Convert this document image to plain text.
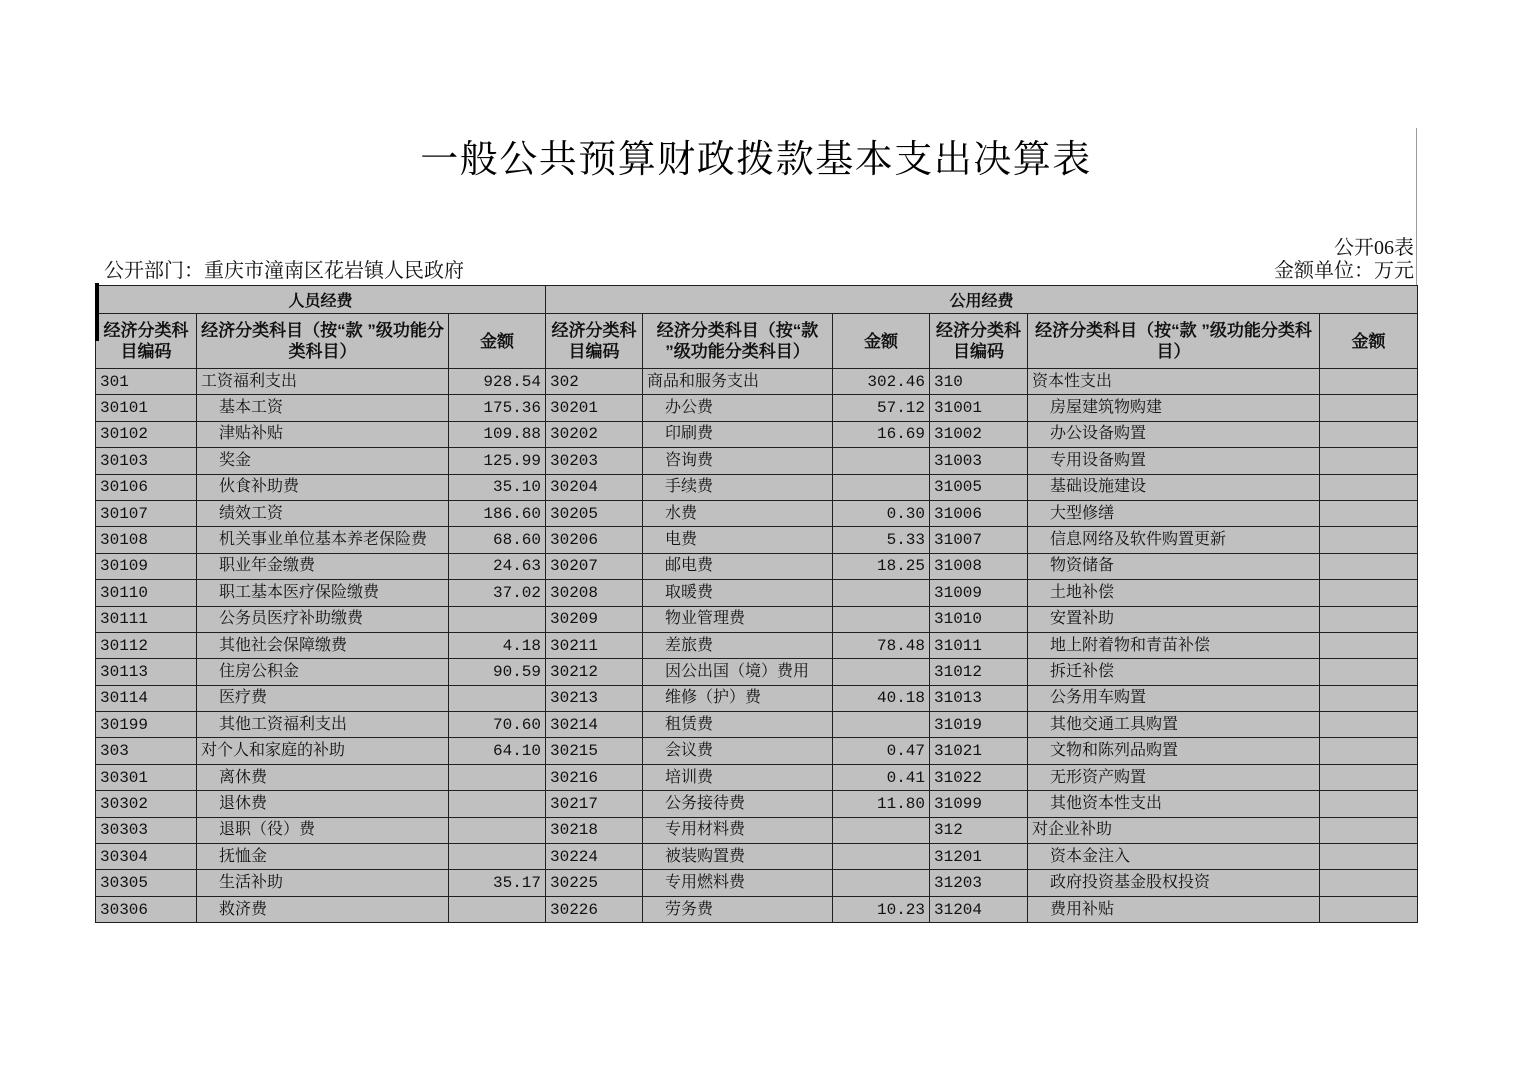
一般公共预算财政拨款基本支出决算表
公开06表
公开部门：重庆市潼南区花岩镇人民政府	金额单位：万元
人员经费			公用经费					
经济分类科目编码	经济分类科目（按“款 ”级功能分类科目）	金额	经济分类科目编码	经济分类科目（按“款 ”级功能分类科目）	金额	经济分类科目编码	经济分类科目（按“款 ”级功能分类科目）	金额
301	工资福利支出	928.54	302	商品和服务支出	302.46	310	资本性支出	
30101	基本工资	175.36	30201	办公费	57.12	31001	房屋建筑物购建	
30102	津贴补贴	109.88	30202	印刷费	16.69	31002	办公设备购置	
30103	奖金	125.99	30203	咨询费		31003	专用设备购置	
30106	伙食补助费	35.10	30204	手续费		31005	基础设施建设	
30107	绩效工资	186.60	30205	水费	0.30	31006	大型修缮	
30108	机关事业单位基本养老保险费	68.60	30206	电费	5.33	31007	信息网络及软件购置更新	
30109	职业年金缴费	24.63	30207	邮电费	18.25	31008	物资储备	
30110	职工基本医疗保险缴费	37.02	30208	取暖费		31009	土地补偿	
30111	公务员医疗补助缴费		30209	物业管理费		31010	安置补助	
30112	其他社会保障缴费	4.18	30211	差旅费	78.48	31011	地上附着物和青苗补偿	
30113	住房公积金	90.59	30212	因公出国（境）费用		31012	拆迁补偿	
30114	医疗费		30213	维修（护）费	40.18	31013	公务用车购置	
30199	其他工资福利支出	70.60	30214	租赁费		31019	其他交通工具购置	
303	对个人和家庭的补助	64.10	30215	会议费	0.47	31021	文物和陈列品购置	
30301	离休费		30216	培训费	0.41	31022	无形资产购置	
30302	退休费		30217	公务接待费	11.80	31099	其他资本性支出	
30303	退职（役）费		30218	专用材料费		312	对企业补助	
30304	抚恤金		30224	被装购置费		31201	资本金注入	
30305	生活补助	35.17	30225	专用燃料费		31203	政府投资基金股权投资	
30306	救济费		30226	劳务费	10.23	31204	费用补贴	
